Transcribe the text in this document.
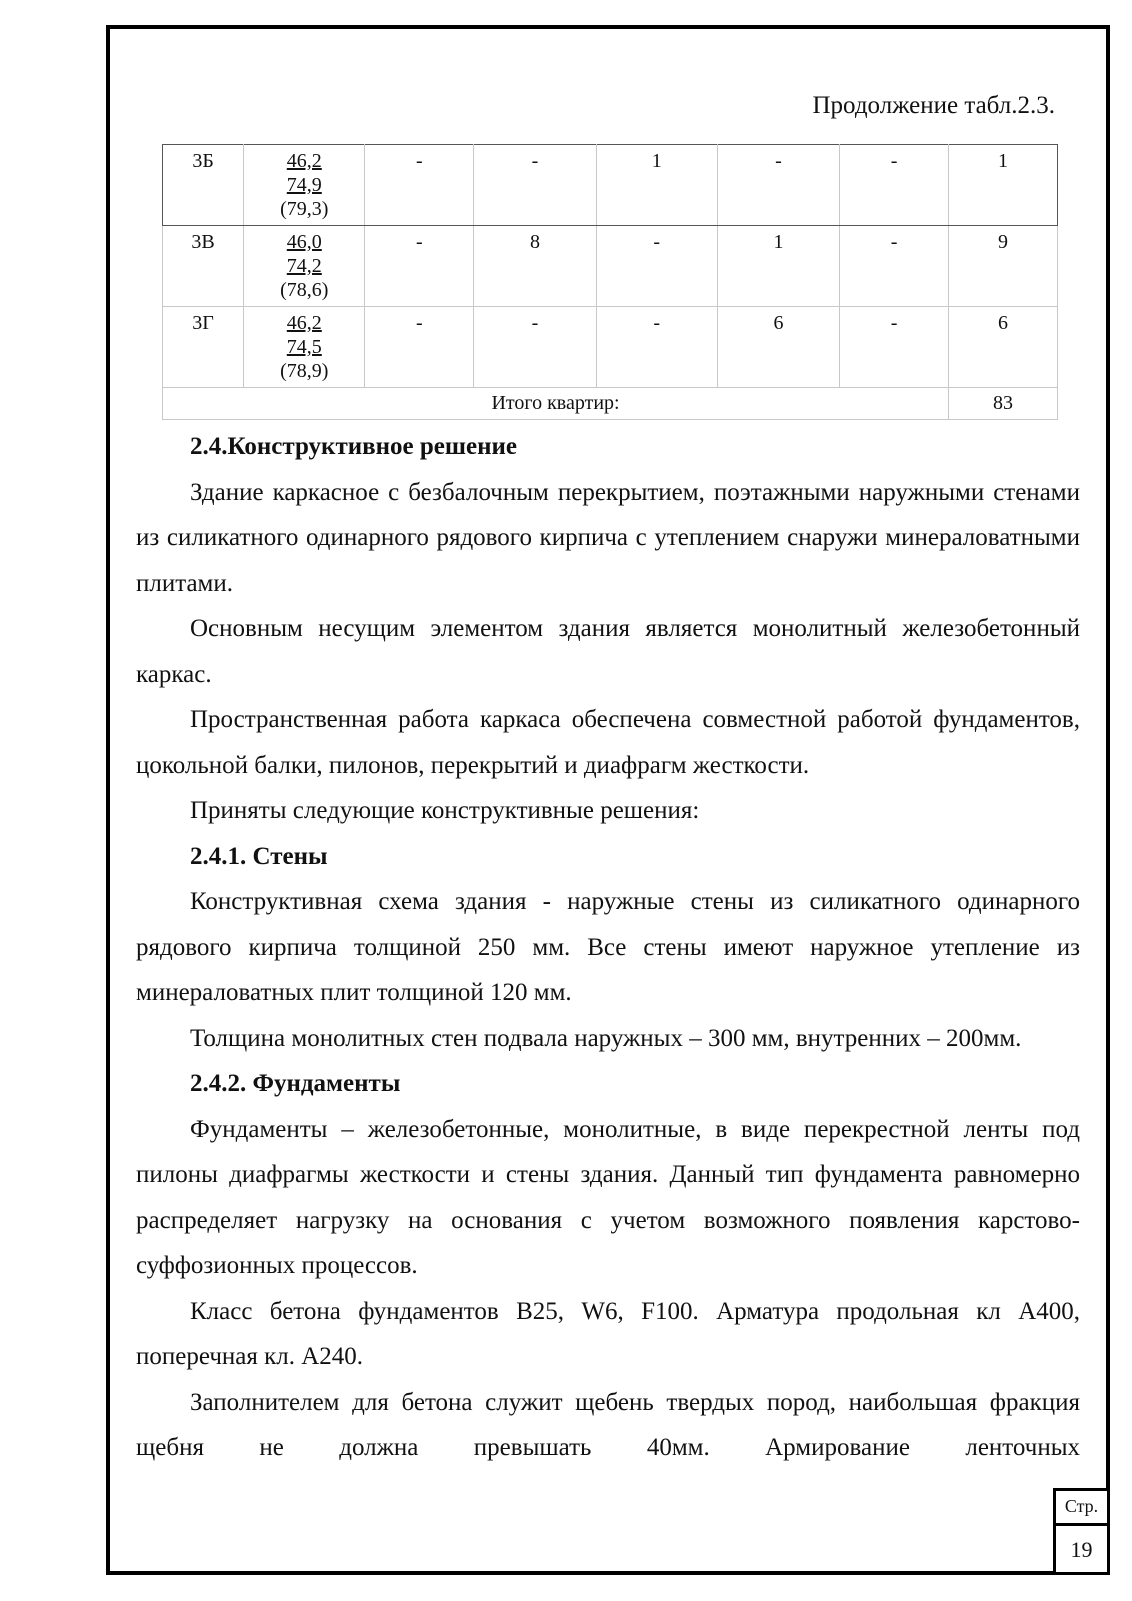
Продолжение табл.2.3.
3Б	46,2
74,9
(79,3)	-	-	1	-	-	1
3В	46,0
74,2
(78,6)	-	8	-	1	-	9
3Г	46,2
74,5
(78,9)	-	-	-	6	-	6
Итого квартир:							83

2.4.Конструктивное решение

Здание каркасное с безбалочным перекрытием, поэтажными наружными стенами из силикатного одинарного рядового кирпича с утеплением снаружи минераловатными плитами.

Основным несущим элементом здания является монолитный железобетонный каркас.

Пространственная работа каркаса обеспечена совместной работой фундаментов, цокольной балки, пилонов, перекрытий и диафрагм жесткости.

Приняты следующие конструктивные решения:

2.4.1. Стены

Конструктивная схема здания - наружные стены из силикатного одинарного рядового кирпича толщиной 250 мм. Все стены имеют наружное утепление из минераловатных плит толщиной 120 мм.

Толщина монолитных стен подвала наружных – 300 мм, внутренних – 200мм.

2.4.2. Фундаменты

Фундаменты – железобетонные, монолитные, в виде перекрестной ленты под пилоны диафрагмы жесткости и стены здания. Данный тип фундамента равномерно распределяет нагрузку на основания с учетом возможного появления карстово-суффозионных процессов.

Класс бетона фундаментов В25, W6, F100. Арматура продольная кл А400, поперечная кл. А240.

Заполнителем для бетона служит щебень твердых пород, наибольшая фракция щебня не должна превышать 40мм. Армирование ленточных

Стр.
19
